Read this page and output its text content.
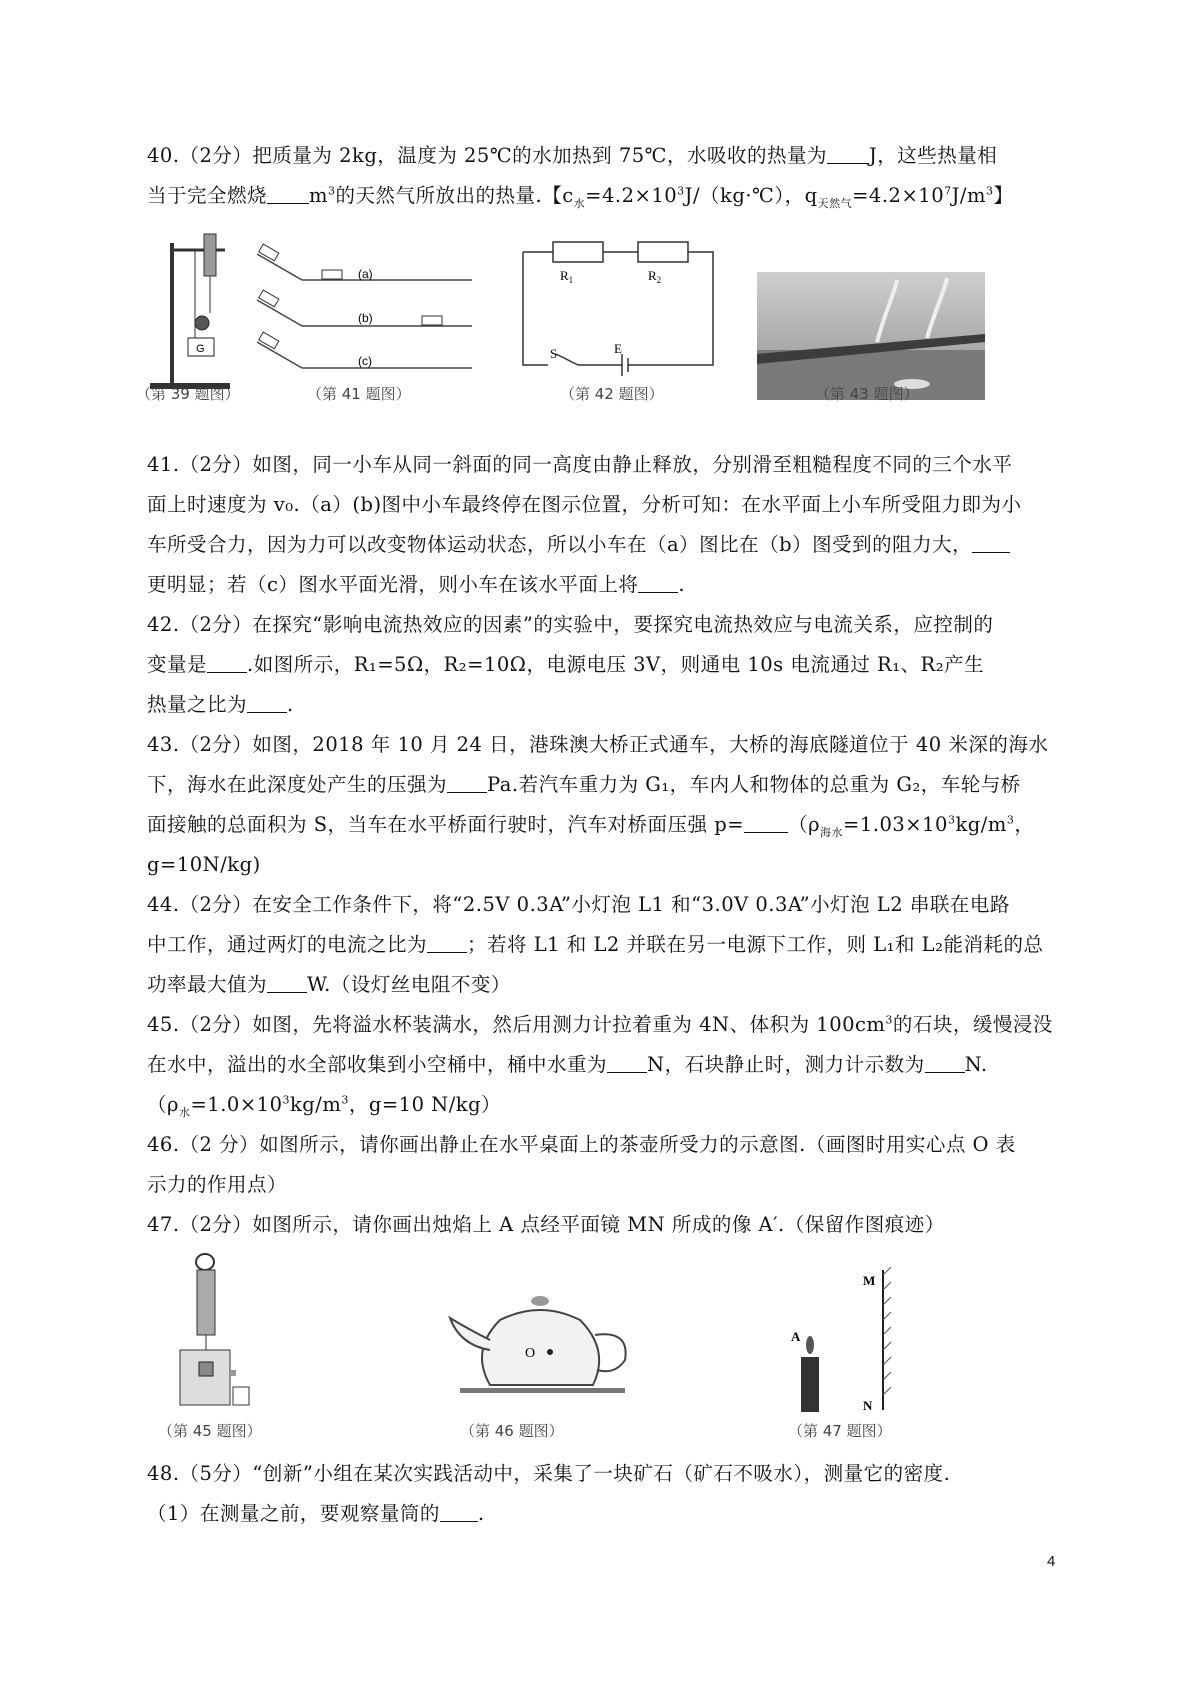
40.（2分）把质量为 2kg，温度为 25℃的水加热到 75℃，水吸收的热量为 J，这些热量相

当于完全燃烧 $m^3$的天然气所放出的热量.【$c_水=4.2\times 10^3J/(kg\cdot℃)$，$q_{天然气}=4.2\times 10^7J/m^3$】

G
（第 39 题图）
(a)
(b)
(c)
（第 41 题图）
$R_1$	$R_2$
S	E
（第 42 题图）	（第 43 题图）

41.（2分）如图，同一小车从同一斜面的同一高度由静止释放，分别滑至粗糙程度不同的三个水平

面上时速度为 v₀.（a）(b)图中小车最终停在图示位置，分析可知：在水平面上小车所受阻力即为小

车所受合力，因为力可以改变物体运动状态，所以小车在（a）图比在（b）图受到的阻力大，

更明显；若（c）图水平面光滑，则小车在该水平面上将 .

42.（2分）在探究“影响电流热效应的因素”的实验中，要探究电流热效应与电流关系，应控制的

变量是 .如图所示，R₁=5Ω，R₂=10Ω，电源电压 3V，则通电 10s 电流通过 R₁、R₂产生

热量之比为 .

43.（2分）如图，2018 年 10 月 24 日，港珠澳大桥正式通车，大桥的海底隧道位于 40 米深的海水

下，海水在此深度处产生的压强为 Pa.若汽车重力为 G₁，车内人和物体的总重为 G₂，车轮与桥

面接触的总面积为 S，当车在水平桥面行驶时，汽车对桥面压强 $p= (\rho_{海水}=1.03\times 10^3kg/m^3$，

g=10N/kg)

44.（2分）在安全工作条件下，将“2.5V 0.3A”小灯泡 L1 和“3.0V 0.3A”小灯泡 L2 串联在电路

中工作，通过两灯的电流之比为 ；若将 L1 和 L2 并联在另一电源下工作，则 L₁和 L₂能消耗的总

功率最大值为 W.（设灯丝电阻不变）

45.（2分）如图，先将溢水杯装满水，然后用测力计拉着重为 4N、体积为 $100cm^3$的石块，缓慢浸没

在水中，溢出的水全部收集到小空桶中，桶中水重为 N，石块静止时，测力计示数为 N.

（$\rho_水=1.0\times 10^3kg/m^3$，g=10 N/kg）

46.（2 分）如图所示，请你画出静止在水平桌面上的茶壶所受力的示意图.（画图时用实心点 O 表

示力的作用点）

47.（2分）如图所示，请你画出烛焰上 A 点经平面镜 MN 所成的像 A′.（保留作图痕迹）

（第 45 题图）
O
（第 46 题图）
M
N
A
（第 47 题图）

48.（5分）“创新”小组在某次实践活动中，采集了一块矿石（矿石不吸水），测量它的密度.

（1）在测量之前，要观察量筒的 .

4
